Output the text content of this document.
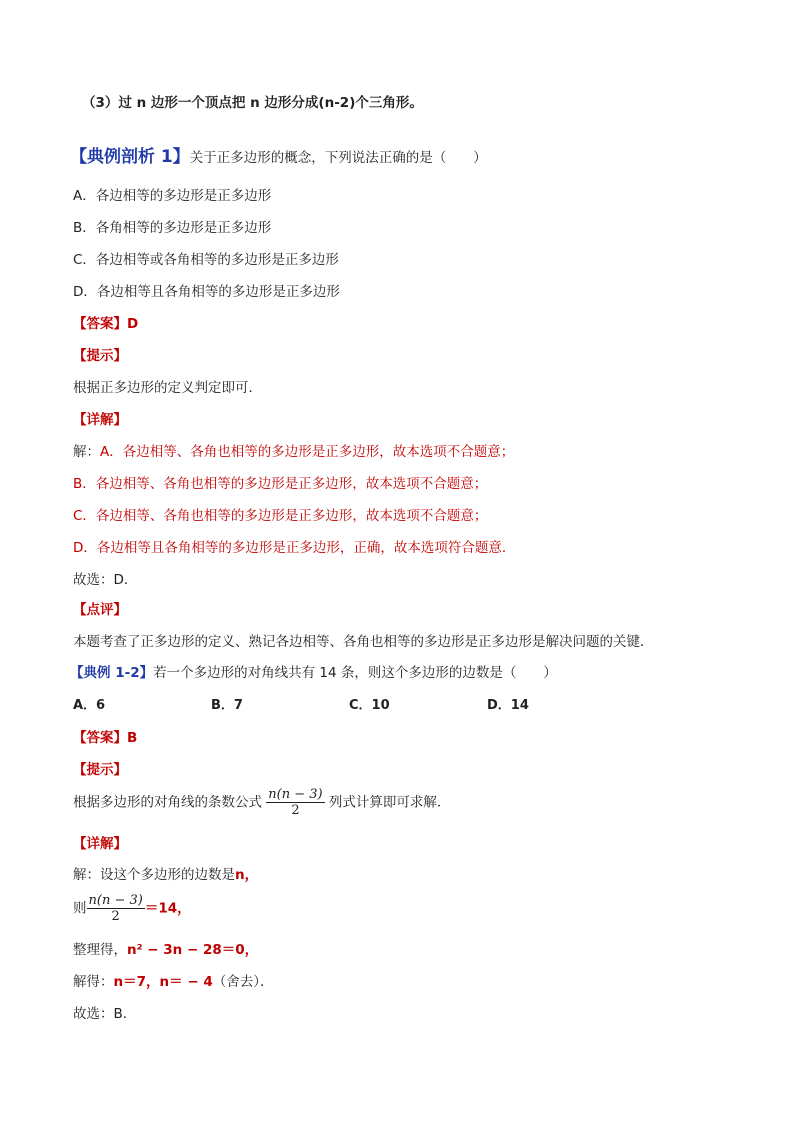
（3）过 n 边形一个顶点把 n 边形分成(n-2)个三角形。
【典例剖析 1】关于正多边形的概念，下列说法正确的是（　　）
A．各边相等的多边形是正多边形
B．各角相等的多边形是正多边形
C．各边相等或各角相等的多边形是正多边形
D．各边相等且各角相等的多边形是正多边形
【答案】D
【提示】
根据正多边形的定义判定即可．
【详解】
解：A．各边相等、各角也相等的多边形是正多边形，故本选项不合题意；
B．各边相等、各角也相等的多边形是正多边形，故本选项不合题意；
C．各边相等、各角也相等的多边形是正多边形，故本选项不合题意；
D．各边相等且各角相等的多边形是正多边形，正确，故本选项符合题意．
故选：D．
【点评】
本题考查了正多边形的定义、熟记各边相等、各角也相等的多边形是正多边形是解决问题的关键．
【典例 1-2】若一个多边形的对角线共有 14 条，则这个多边形的边数是（　　）
A．6	B．7	C．10	D．14
【答案】B
【提示】
根据多边形的对角线的条数公式 $\frac{n(n - 3)}{2}$ 列式计算即可求解．
【详解】
解：设这个多边形的边数是n，
则 $\frac{n(n - 3)}{2} =14$，
整理得，n² − 3n − 28＝0，
解得：n＝7，n＝ − 4（舍去）．
故选：B．
